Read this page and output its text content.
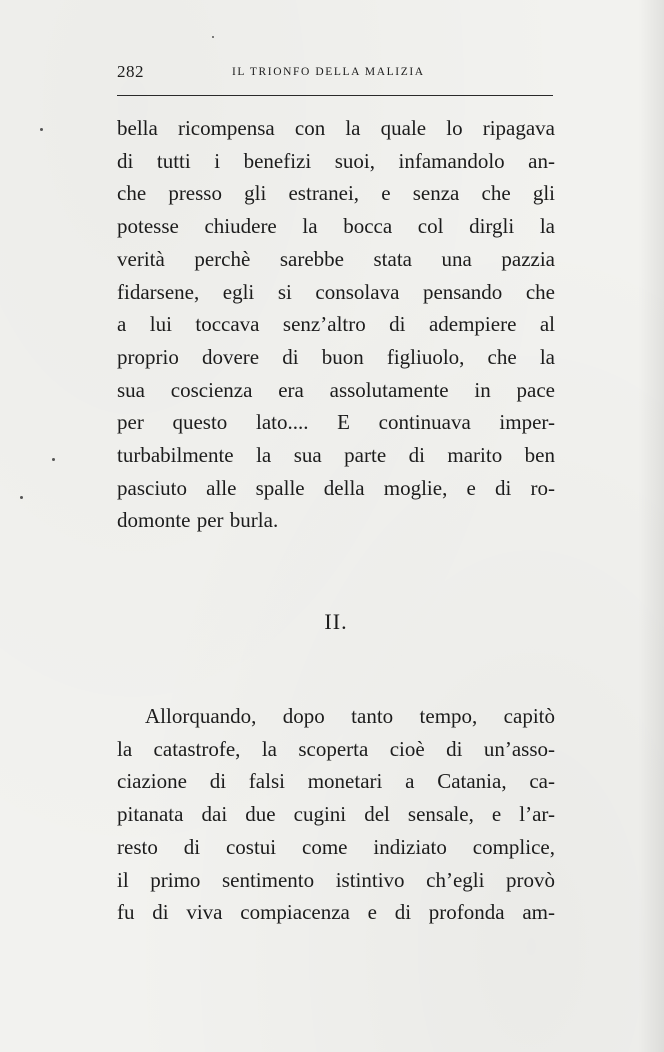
282	IL TRIONFO DELLA MALIZIA

bella ricompensa con la quale lo ripagava
di tutti i benefizi suoi, infamandolo an-
che presso gli estranei, e senza che gli
potesse chiudere la bocca col dirgli la
verità perchè sarebbe stata una pazzia
fidarsene, egli si consolava pensando che
a lui toccava senz’altro di adempiere al
proprio dovere di buon figliuolo, che la
sua coscienza era assolutamente in pace
per questo lato.... E continuava imper-
turbabilmente la sua parte di marito ben
pasciuto alle spalle della moglie, e di ro-
domonte per burla.

II.

Allorquando, dopo tanto tempo, capitò
la catastrofe, la scoperta cioè di un’asso-
ciazione di falsi monetari a Catania, ca-
pitanata dai due cugini del sensale, e l’ar-
resto di costui come indiziato complice,
il primo sentimento istintivo ch’egli provò
fu di viva compiacenza e di profonda am-
